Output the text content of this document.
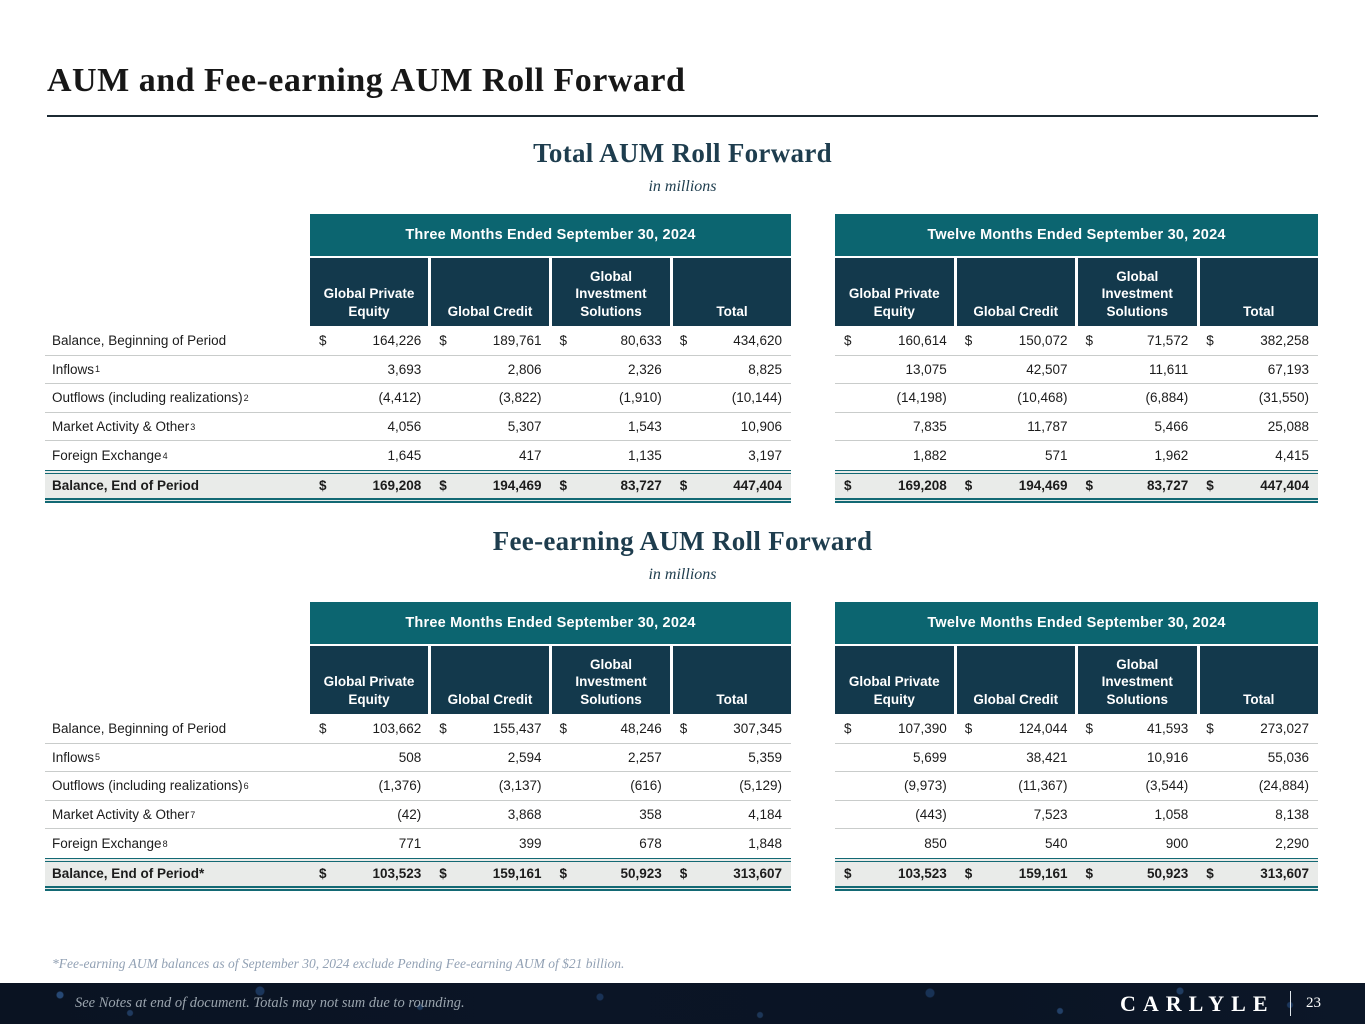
AUM and Fee-earning AUM Roll Forward
Total AUM Roll Forward
in millions
Three Months Ended September 30, 2024	Twelve Months Ended September 30, 2024
Global Private Equity	Global Credit
Global Investment Solutions	Total
Global Private Equity	Global Credit
Global Investment Solutions	Total
Balance, Beginning of Period	$	164,226	$	189,761	$	80,633	$	434,620	$	160,614	$	150,072	$	71,572	$	382,258
Inflows 1	3,693	2,806	2,326	8,825	13,075	42,507	11,611	67,193
Outflows (including realizations) 2	(4,412)	(3,822)	(1,910)	(10,144)	(14,198)	(10,468)	(6,884)	(31,550)
Market Activity & Other 3	4,056	5,307	1,543	10,906	7,835	11,787	5,466	25,088
Foreign Exchange 4	1,645	417	1,135	3,197	1,882	571	1,962	4,415
Balance, End of Period	$	169,208	$	194,469	$	83,727	$	447,404	$	169,208	$	194,469	$	83,727	$	447,404
Fee-earning AUM Roll Forward
in millions
Three Months Ended September 30, 2024	Twelve Months Ended September 30, 2024
Global Private Equity	Global Credit
Global Investment Solutions	Total
Global Private Equity	Global Credit
Global Investment Solutions	Total
Balance, Beginning of Period	$	103,662	$	155,437	$	48,246	$	307,345	$	107,390	$	124,044	$	41,593	$	273,027
Inflows 5	508	2,594	2,257	5,359	5,699	38,421	10,916	55,036
Outflows (including realizations) 6	(1,376)	(3,137)	(616)	(5,129)	(9,973)	(11,367)	(3,544)	(24,884)
Market Activity & Other 7	(42)	3,868	358	4,184	(443)	7,523	1,058	8,138
Foreign Exchange 8	771	399	678	1,848	850	540	900	2,290
Balance, End of Period*	$	103,523	$	159,161	$	50,923	$	313,607	$	103,523	$	159,161	$	50,923	$	313,607
*Fee-earning AUM balances as of September 30, 2024 exclude Pending Fee-earning AUM of $21 billion.
See Notes at end of document. Totals may not sum due to rounding.	CARLYLE 23
